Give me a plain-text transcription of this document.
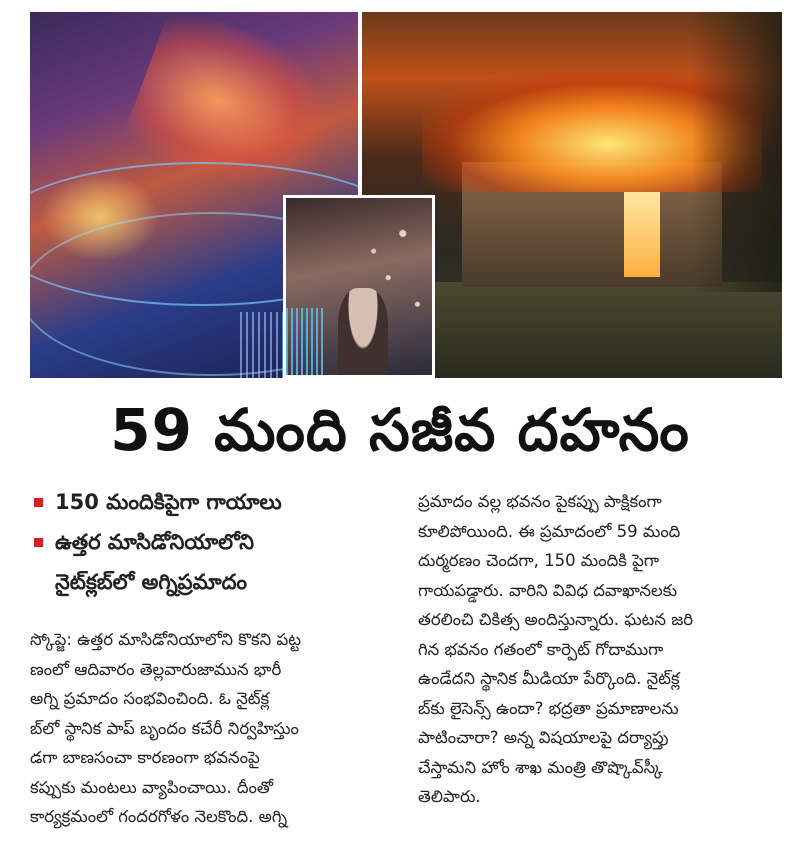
59 మంది సజీవ దహనం
150 మందికిపైగా గాయాలు
ఉత్తర మాసిడోనియాలోని
నైట్‌క్లబ్‌లో అగ్నిప్రమాదం
స్కోప్జె: ఉత్తర మాసిడోనియాలోని కొకని పట్ట
ణంలో ఆదివారం తెల్లవారుజామున భారీ
అగ్ని ప్రమాదం సంభవించింది. ఓ నైట్‌క్ల
బ్‌లో స్థానిక పాప్ బృందం కచేరీ నిర్వహిస్తుం
డగా బాణసంచా కారణంగా భవనంపై
కప్పుకు మంటలు వ్యాపించాయి. దీంతో
కార్యక్రమంలో గందరగోళం నెలకొంది. అగ్ని
ప్రమాదం వల్ల భవనం పైకప్పు పాక్షికంగా
కూలిపోయింది. ఈ ప్రమాదంలో 59 మంది
దుర్మరణం చెందగా, 150 మందికి పైగా
గాయపడ్డారు. వారిని వివిధ దవాఖానలకు
తరలించి చికిత్స అందిస్తున్నారు. ఘటన జరి
గిన భవనం గతంలో కార్పెట్ గోదాముగా
ఉండేదని స్థానిక మీడియా పేర్కొంది. నైట్‌క్ల
బ్‌కు లైసెన్స్ ఉందా? భద్రతా ప్రమాణాలను
పాటించారా? అన్న విషయాలపై దర్యాప్తు
చేస్తామని హోం శాఖ మంత్రి తొష్కొవ్‌స్కీ
తెలిపారు.
